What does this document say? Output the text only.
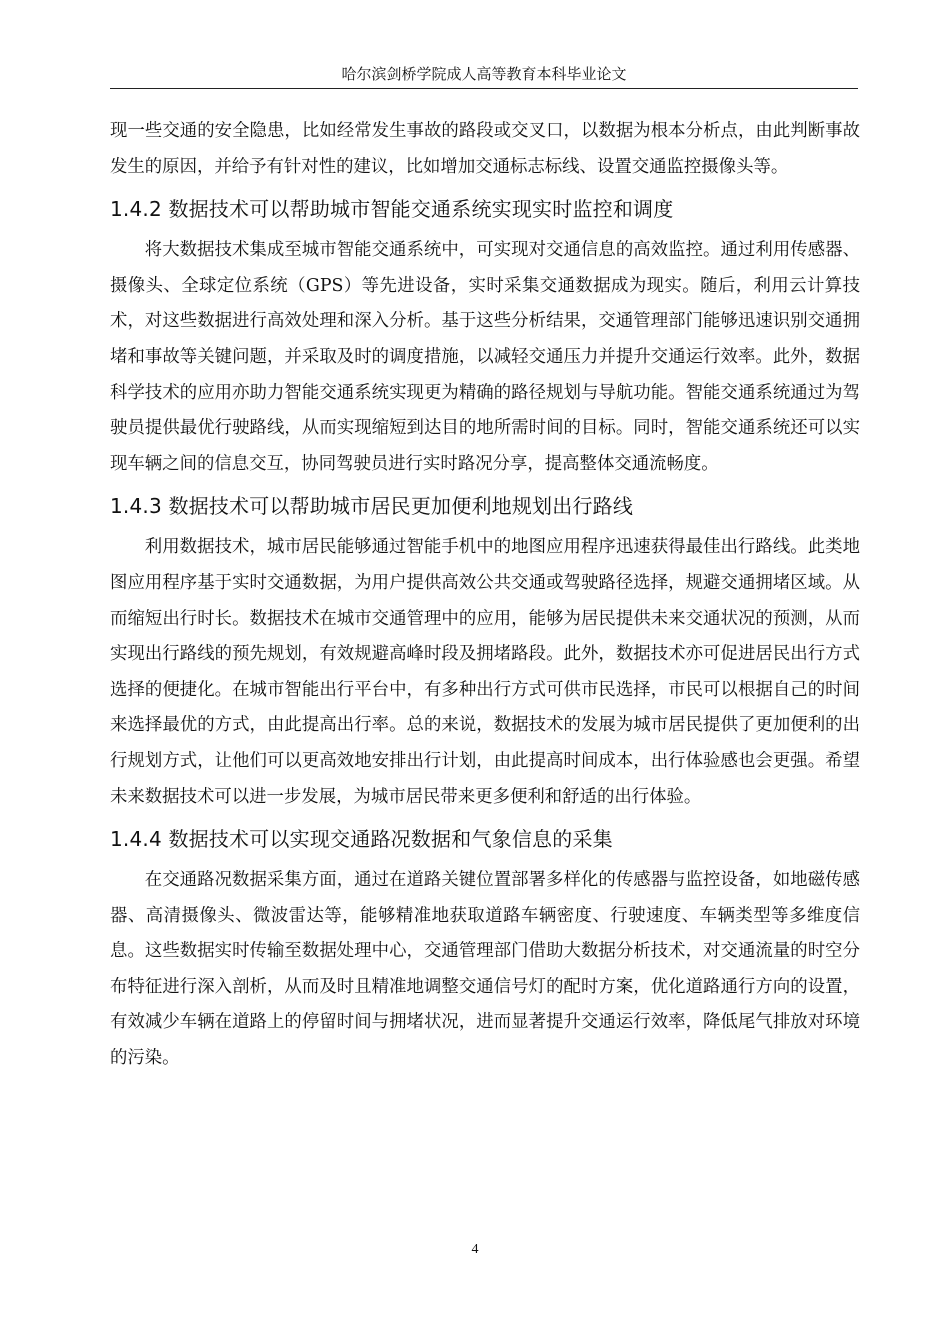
哈尔滨剑桥学院成人高等教育本科毕业论文

现一些交通的安全隐患，比如经常发生事故的路段或交叉口，以数据为根本分析点，由此判断事故发生的原因，并给予有针对性的建议，比如增加交通标志标线、设置交通监控摄像头等。

1.4.2 数据技术可以帮助城市智能交通系统实现实时监控和调度

将大数据技术集成至城市智能交通系统中，可实现对交通信息的高效监控。通过利用传感器、摄像头、全球定位系统（GPS）等先进设备，实时采集交通数据成为现实。随后，利用云计算技术，对这些数据进行高效处理和深入分析。基于这些分析结果，交通管理部门能够迅速识别交通拥堵和事故等关键问题，并采取及时的调度措施，以减轻交通压力并提升交通运行效率。此外，数据科学技术的应用亦助力智能交通系统实现更为精确的路径规划与导航功能。智能交通系统通过为驾驶员提供最优行驶路线，从而实现缩短到达目的地所需时间的目标。同时，智能交通系统还可以实现车辆之间的信息交互，协同驾驶员进行实时路况分享，提高整体交通流畅度。

1.4.3 数据技术可以帮助城市居民更加便利地规划出行路线

利用数据技术，城市居民能够通过智能手机中的地图应用程序迅速获得最佳出行路线。此类地图应用程序基于实时交通数据，为用户提供高效公共交通或驾驶路径选择，规避交通拥堵区域。从而缩短出行时长。数据技术在城市交通管理中的应用，能够为居民提供未来交通状况的预测，从而实现出行路线的预先规划，有效规避高峰时段及拥堵路段。此外，数据技术亦可促进居民出行方式选择的便捷化。在城市智能出行平台中，有多种出行方式可供市民选择，市民可以根据自己的时间来选择最优的方式，由此提高出行率。总的来说，数据技术的发展为城市居民提供了更加便利的出行规划方式，让他们可以更高效地安排出行计划，由此提高时间成本，出行体验感也会更强。希望未来数据技术可以进一步发展，为城市居民带来更多便利和舒适的出行体验。

1.4.4 数据技术可以实现交通路况数据和气象信息的采集

在交通路况数据采集方面，通过在道路关键位置部署多样化的传感器与监控设备，如地磁传感器、高清摄像头、微波雷达等，能够精准地获取道路车辆密度、行驶速度、车辆类型等多维度信息。这些数据实时传输至数据处理中心，交通管理部门借助大数据分析技术，对交通流量的时空分布特征进行深入剖析，从而及时且精准地调整交通信号灯的配时方案，优化道路通行方向的设置，有效减少车辆在道路上的停留时间与拥堵状况，进而显著提升交通运行效率，降低尾气排放对环境的污染。

4
